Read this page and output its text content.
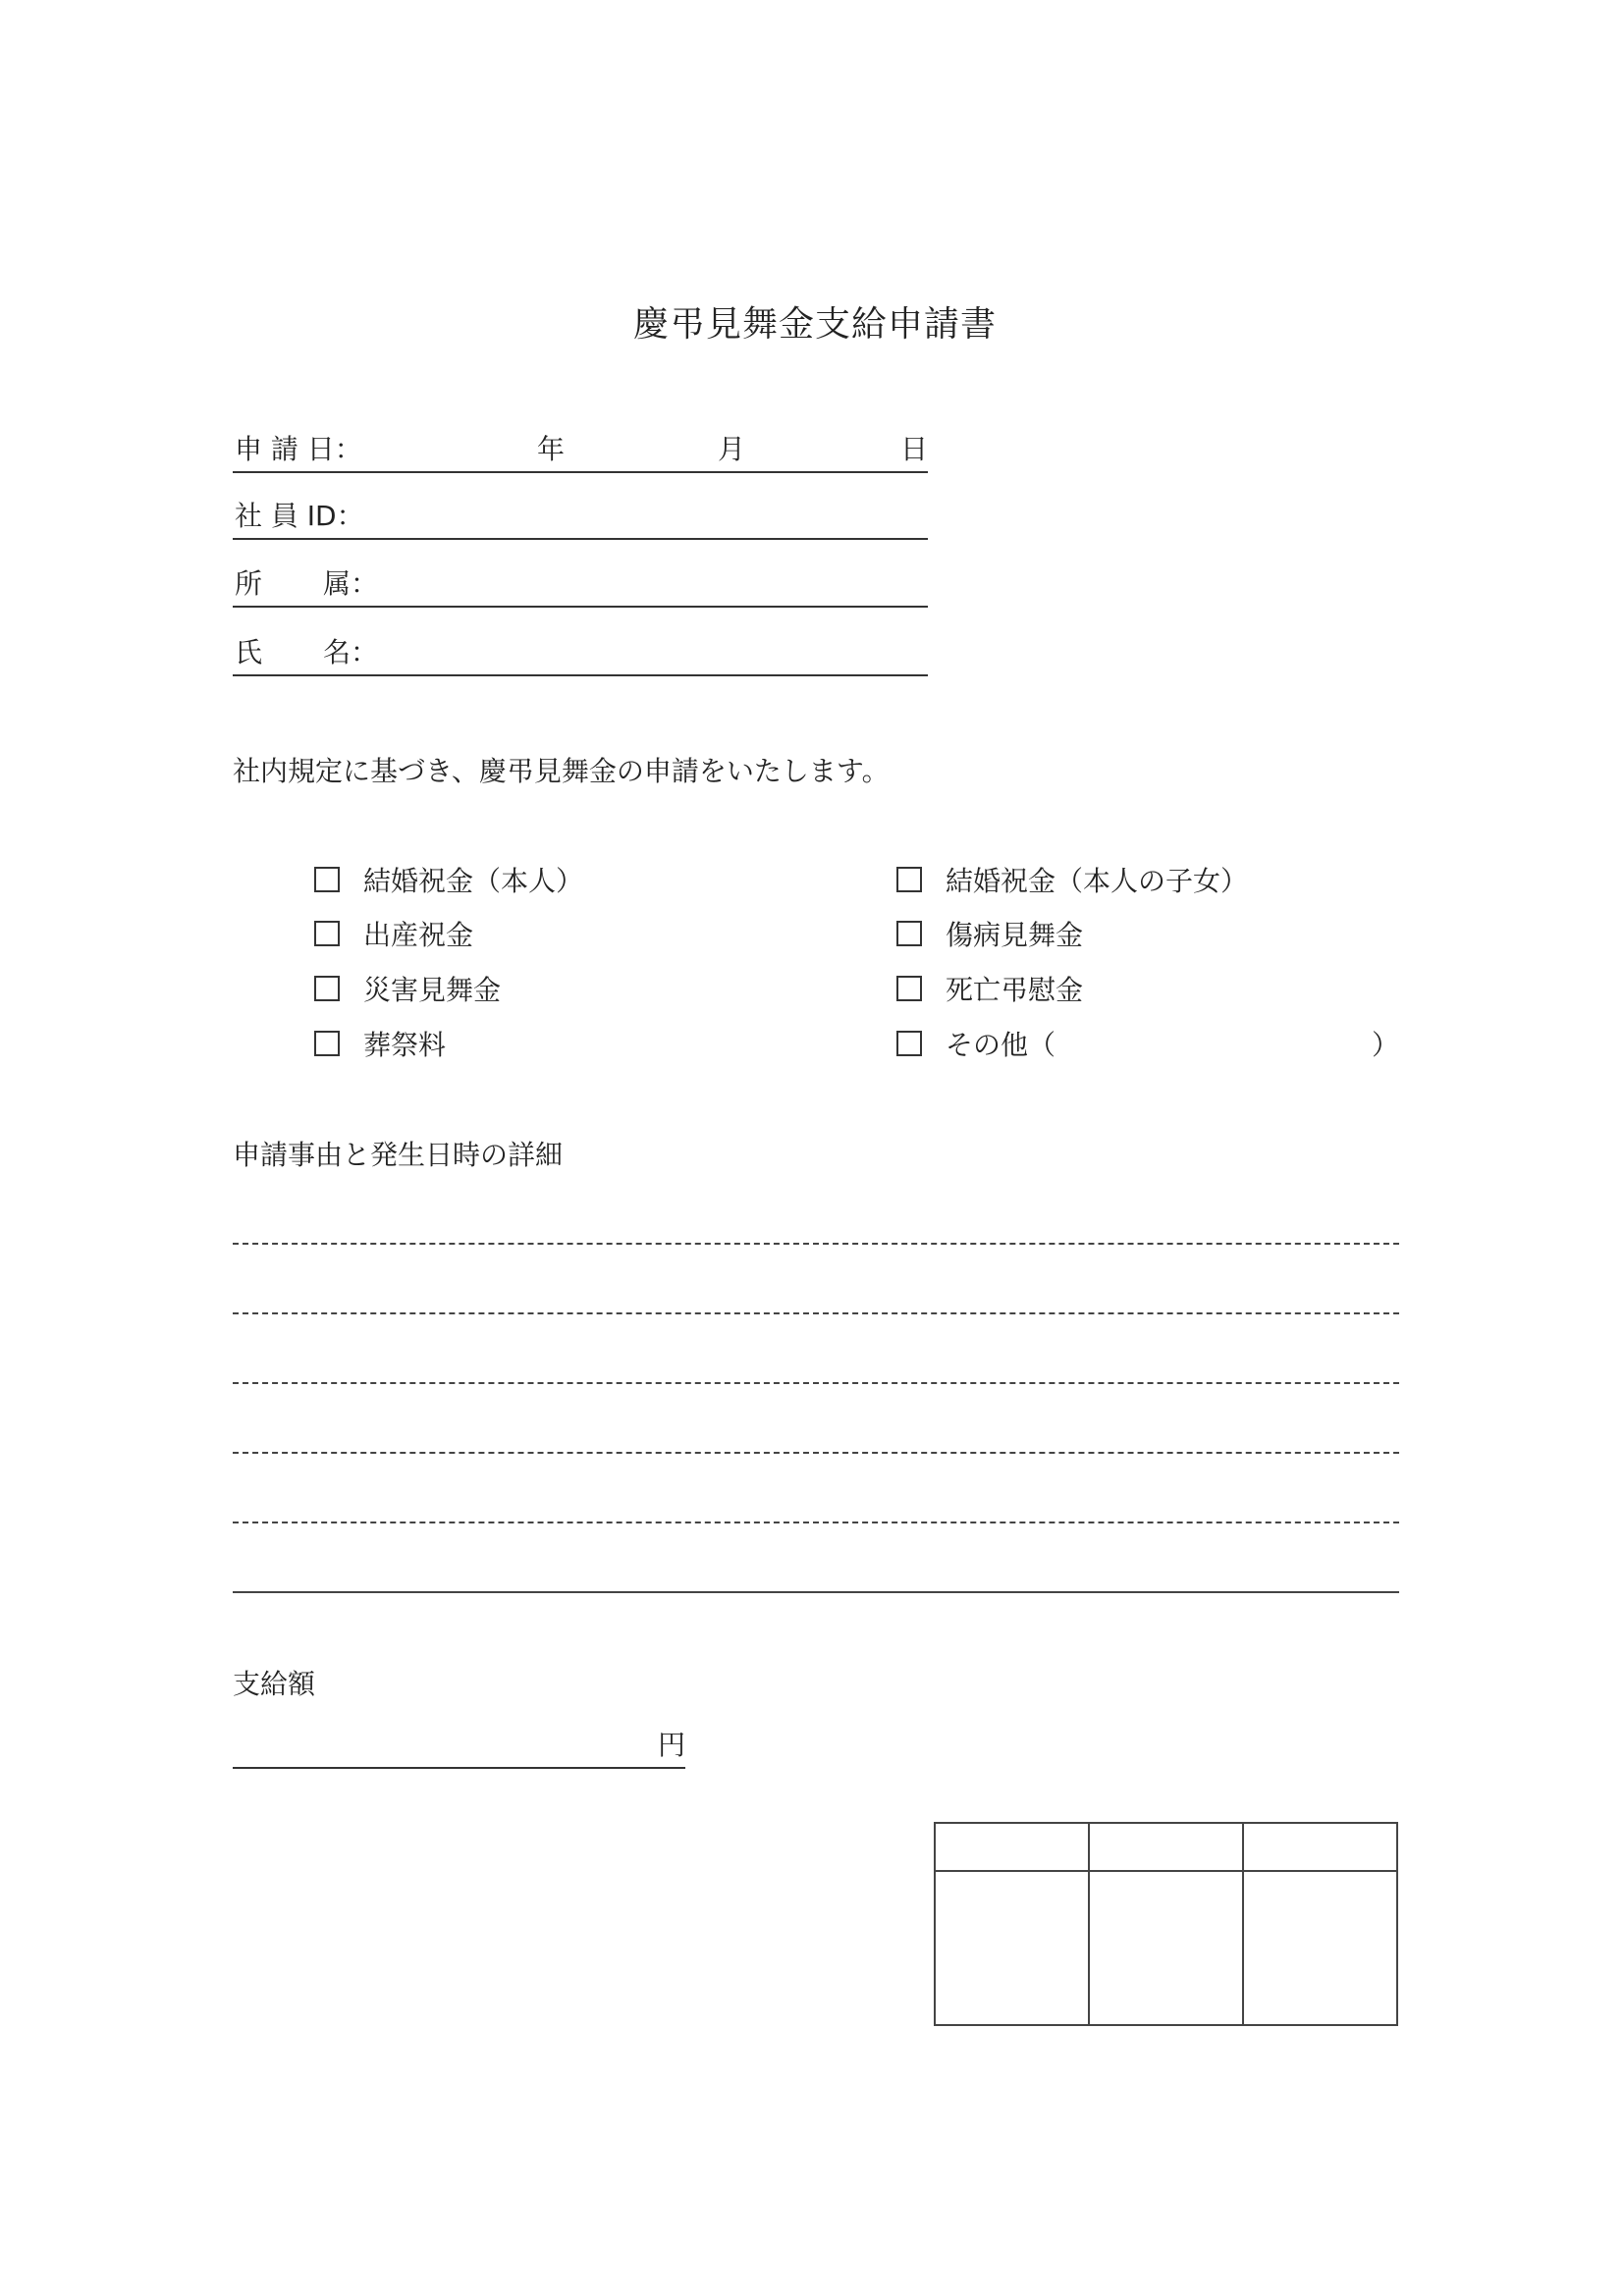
慶弔見舞金支給申請書
申 請 日：	年	月	日
社 員 ID：
所 属：
氏 名：
社内規定に基づき、慶弔見舞金の申請をいたします。
結婚祝金（本人）	結婚祝金（本人の子女）
出産祝金	傷病見舞金
災害見舞金	死亡弔慰金
葬祭料	その他（	）
申請事由と発生日時の詳細
支給額
円
